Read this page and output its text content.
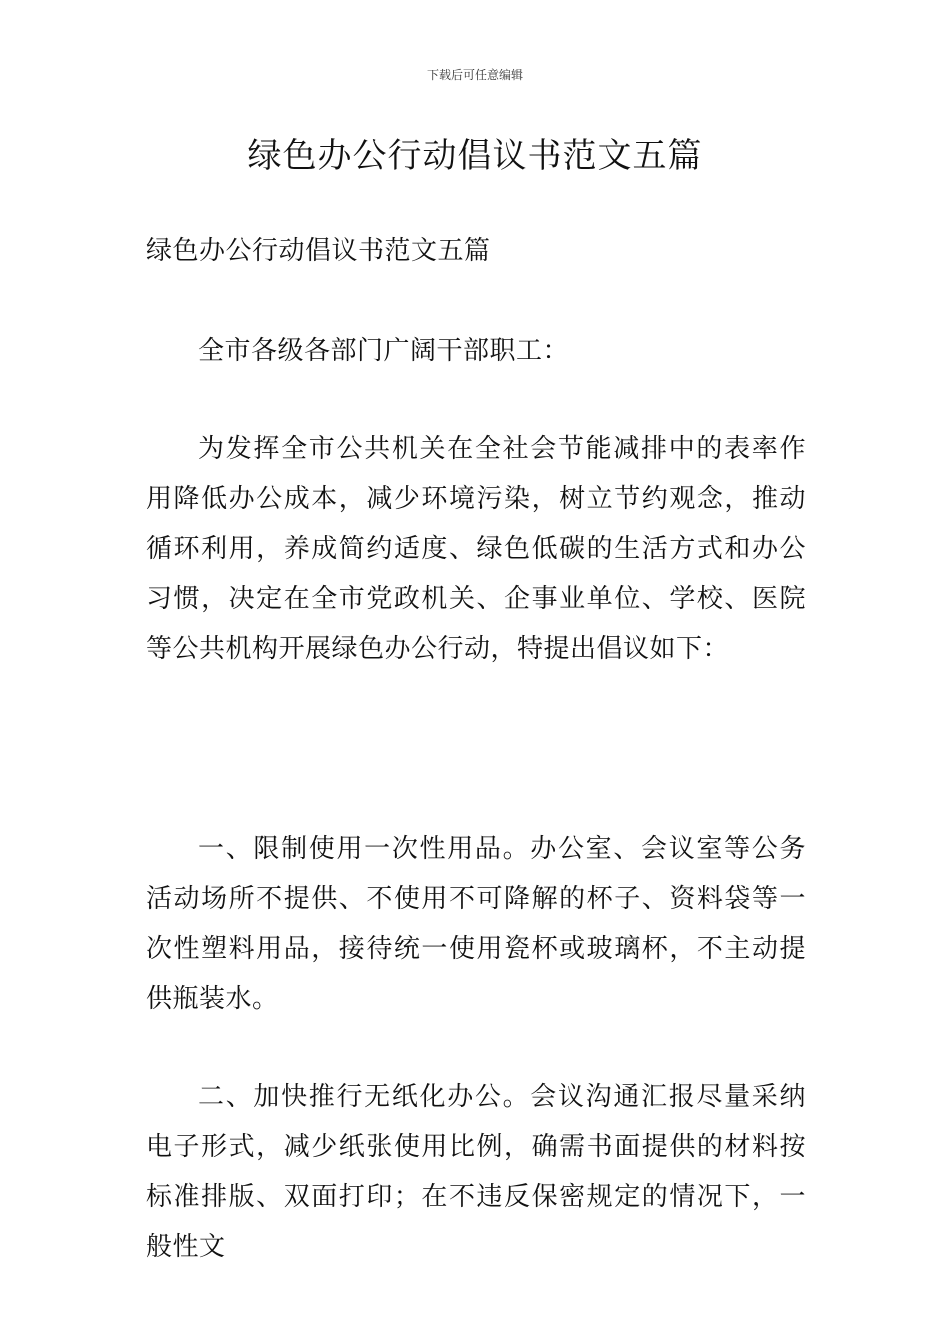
下载后可任意编辑
绿色办公行动倡议书范文五篇

绿色办公行动倡议书范文五篇

全市各级各部门广阔干部职工：

为发挥全市公共机关在全社会节能减排中的表率作用降低办公成本，减少环境污染，树立节约观念，推动循环利用，养成简约适度、绿色低碳的生活方式和办公习惯，决定在全市党政机关、企事业单位、学校、医院等公共机构开展绿色办公行动，特提出倡议如下：

一、限制使用一次性用品。办公室、会议室等公务活动场所不提供、不使用不可降解的杯子、资料袋等一次性塑料用品，接待统一使用瓷杯或玻璃杯，不主动提供瓶装水。

二、加快推行无纸化办公。会议沟通汇报尽量采纳电子形式，减少纸张使用比例，确需书面提供的材料按标准排版、双面打印；在不违反保密规定的情况下，一般性文
